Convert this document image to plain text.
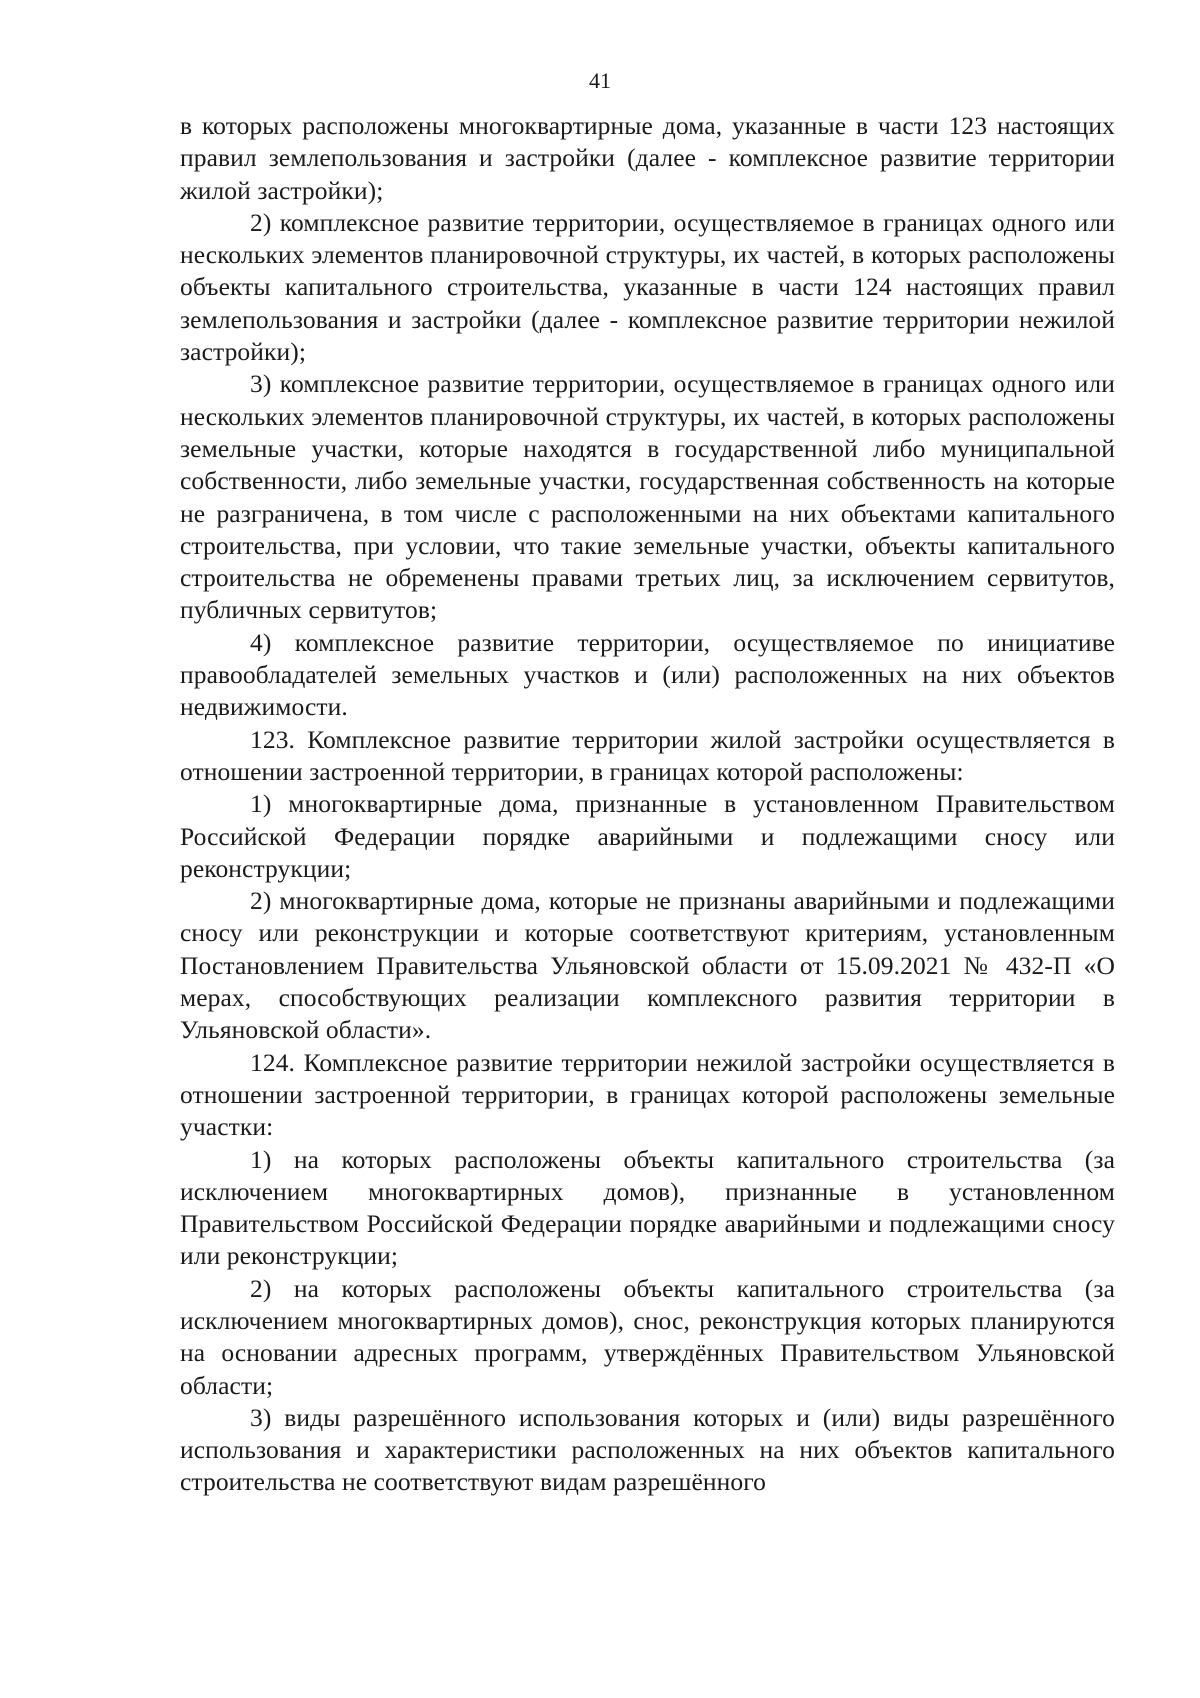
41

в которых расположены многоквартирные дома, указанные в части 123 настоящих правил землепользования и застройки (далее - комплексное развитие территории жилой застройки);

2) комплексное развитие территории, осуществляемое в границах одного или нескольких элементов планировочной структуры, их частей, в которых расположены объекты капитального строительства, указанные в части 124 настоящих правил землепользования и застройки (далее - комплексное развитие территории нежилой застройки);

3) комплексное развитие территории, осуществляемое в границах одного или нескольких элементов планировочной структуры, их частей, в которых расположены земельные участки, которые находятся в государственной либо муниципальной собственности, либо земельные участки, государственная собственность на которые не разграничена, в том числе с расположенными на них объектами капитального строительства, при условии, что такие земельные участки, объекты капитального строительства не обременены правами третьих лиц, за исключением сервитутов, публичных сервитутов;

4) комплексное развитие территории, осуществляемое по инициативе правообладателей земельных участков и (или) расположенных на них объектов недвижимости.

123. Комплексное развитие территории жилой застройки осуществляется в отношении застроенной территории, в границах которой расположены:

1) многоквартирные дома, признанные в установленном Правительством Российской Федерации порядке аварийными и подлежащими сносу или реконструкции;

2) многоквартирные дома, которые не признаны аварийными и подлежащими сносу или реконструкции и которые соответствуют критериям, установленным Постановлением Правительства Ульяновской области от 15.09.2021 № 432-П «О мерах, способствующих реализации комплексного развития территории в Ульяновской области».

124. Комплексное развитие территории нежилой застройки осуществляется в отношении застроенной территории, в границах которой расположены земельные участки:

1) на которых расположены объекты капитального строительства (за исключением многоквартирных домов), признанные в установленном Правительством Российской Федерации порядке аварийными и подлежащими сносу или реконструкции;

2) на которых расположены объекты капитального строительства (за исключением многоквартирных домов), снос, реконструкция которых планируются на основании адресных программ, утверждённых Правительством Ульяновской области;

3) виды разрешённого использования которых и (или) виды разрешённого использования и характеристики расположенных на них объектов капитального строительства не соответствуют видам разрешённого
